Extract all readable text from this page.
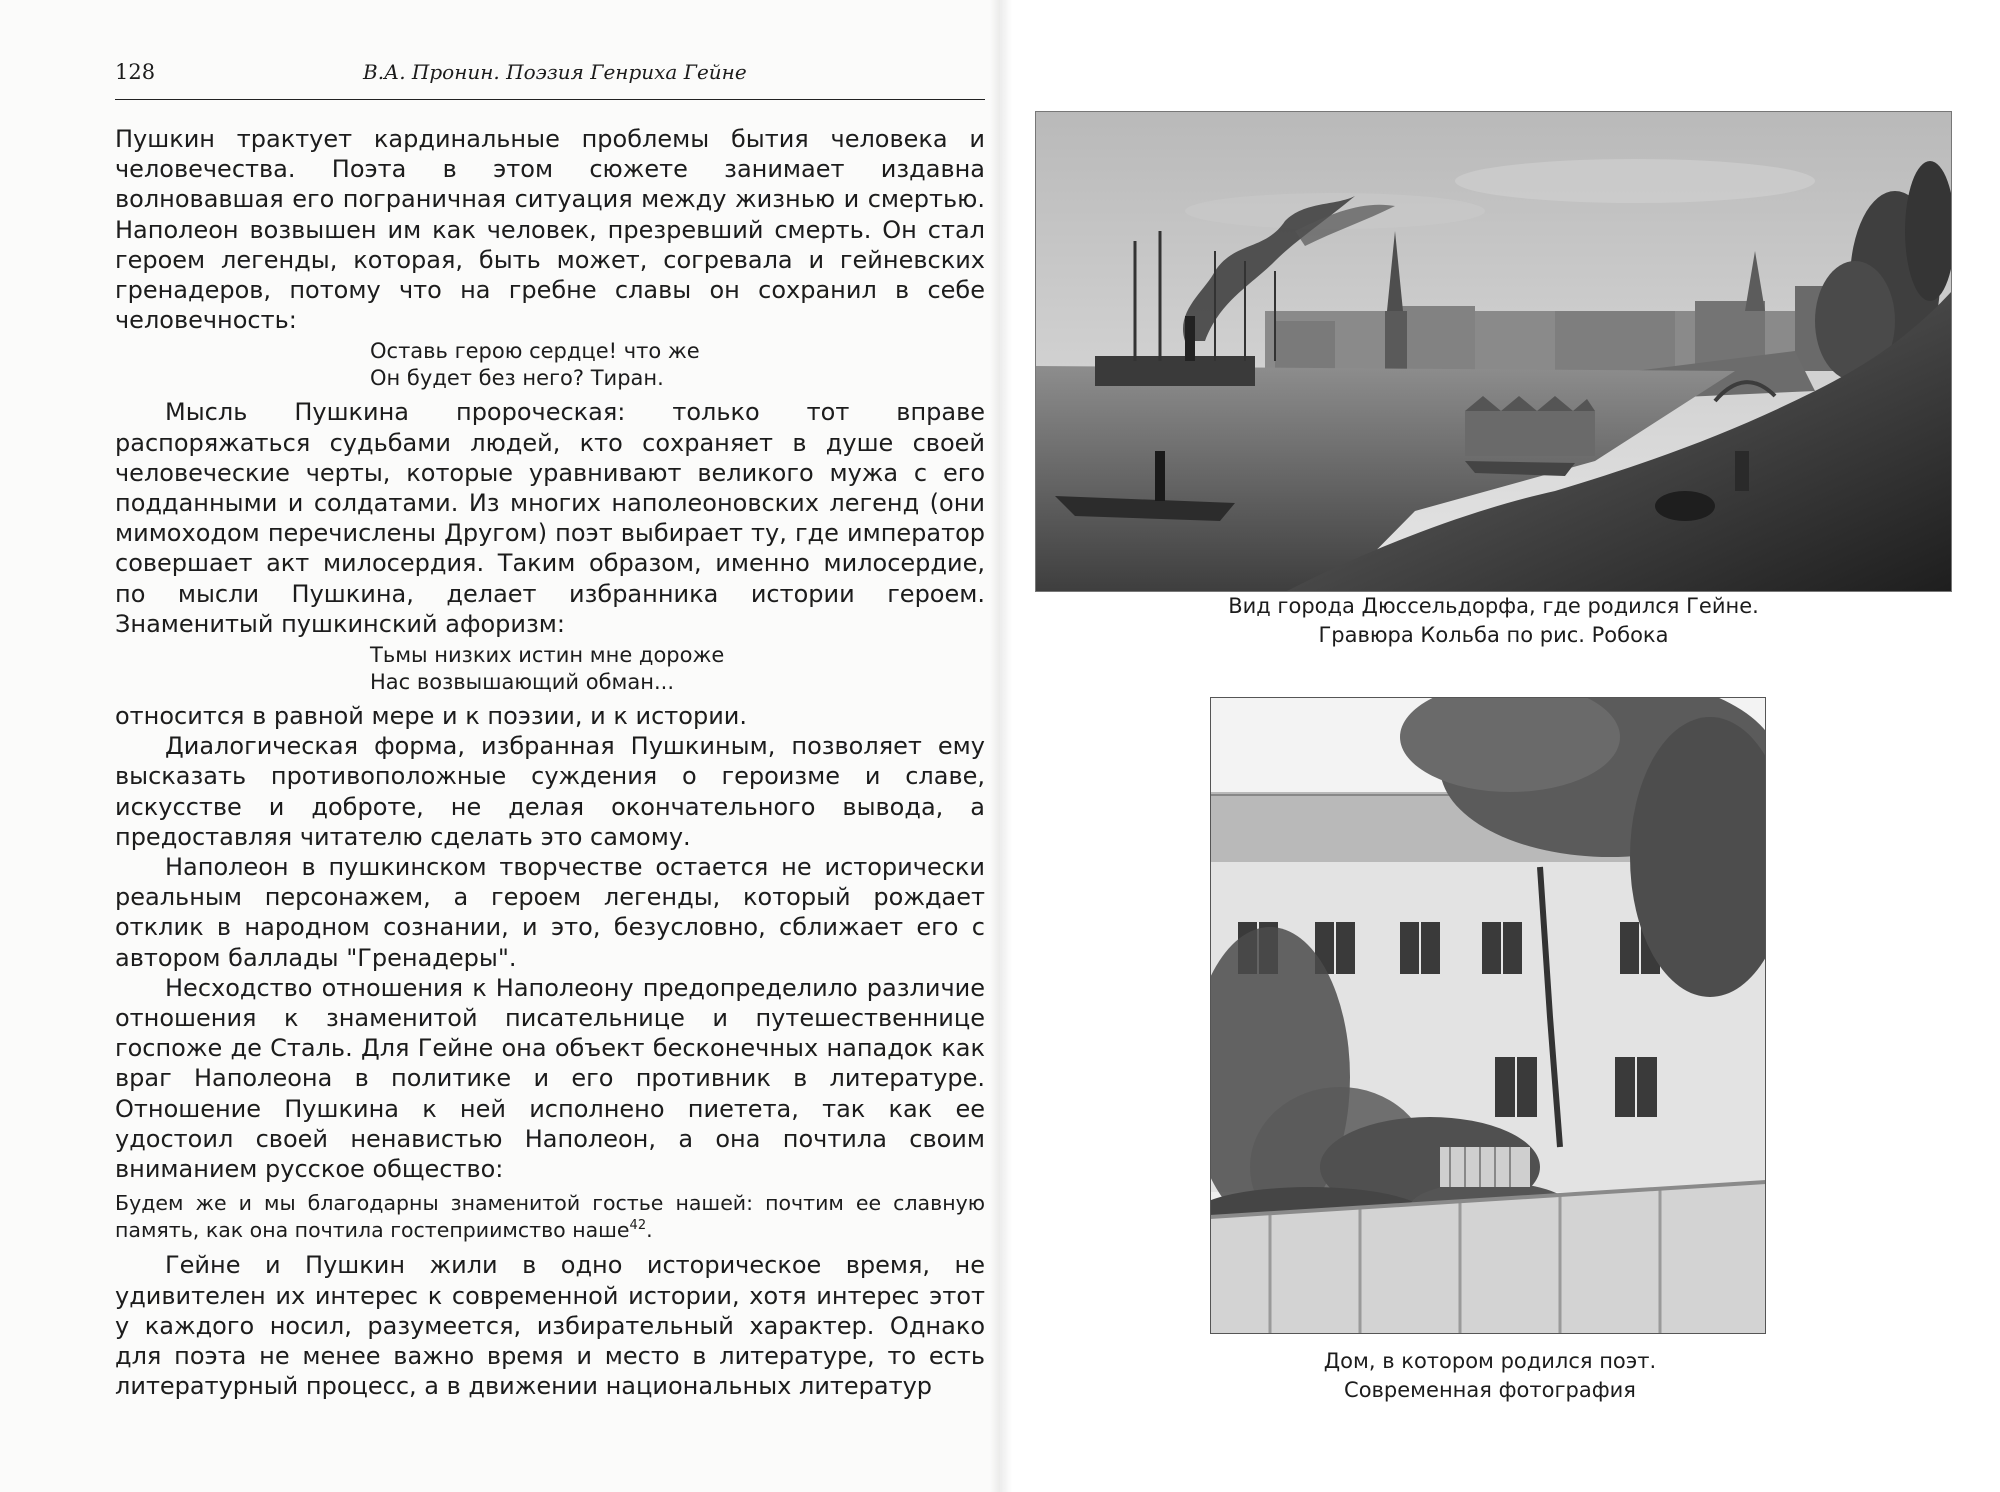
128	В.А. Пронин. Поэзия Генриха Гейне

Пушкин трактует кардинальные проблемы бытия человека и человечества. Поэта в этом сюжете занимает издавна волновавшая его пограничная ситуация между жизнью и смертью. Наполеон возвышен им как человек, презревший смерть. Он стал героем легенды, которая, быть может, согревала и гейневских гренадеров, потому что на гребне славы он сохранил в себе человечность:

Оставь герою сердце! что же
Он будет без него? Тиран.

Мысль Пушкина пророческая: только тот вправе распоряжаться судьбами людей, кто сохраняет в душе своей человеческие черты, которые уравнивают великого мужа с его подданными и солдатами. Из многих наполеоновских легенд (они мимоходом перечислены Другом) поэт выбирает ту, где император совершает акт милосердия. Таким образом, именно милосердие, по мысли Пушкина, делает избранника истории героем. Знаменитый пушкинский афоризм:

Тьмы низких истин мне дороже
Нас возвышающий обман...

относится в равной мере и к поэзии, и к истории.

Диалогическая форма, избранная Пушкиным, позволяет ему высказать противоположные суждения о героизме и славе, искусстве и доброте, не делая окончательного вывода, а предоставляя читателю сделать это самому.

Наполеон в пушкинском творчестве остается не исторически реальным персонажем, а героем легенды, который рождает отклик в народном сознании, и это, безусловно, сближает его с автором баллады "Гренадеры".

Несходство отношения к Наполеону предопределило различие отношения к знаменитой писательнице и путешественнице госпоже де Сталь. Для Гейне она объект бесконечных нападок как враг Наполеона в политике и его противник в литературе. Отношение Пушкина к ней исполнено пиетета, так как ее удостоил своей ненавистью Наполеон, а она почтила своим вниманием русское общество:

Будем же и мы благодарны знаменитой гостье нашей: почтим ее славную память, как она почтила гостеприимство наше$^{42}$.

Гейне и Пушкин жили в одно историческое время, не удивителен их интерес к современной истории, хотя интерес этот у каждого носил, разумеется, избирательный характер. Однако для поэта не менее важно время и место в литературе, то есть литературный процесс, а в движении национальных литератур

Вид города Дюссельдорфа, где родился Гейне.
Гравюра Кольба по рис. Робока
Дом, в котором родился поэт.
Современная фотография
